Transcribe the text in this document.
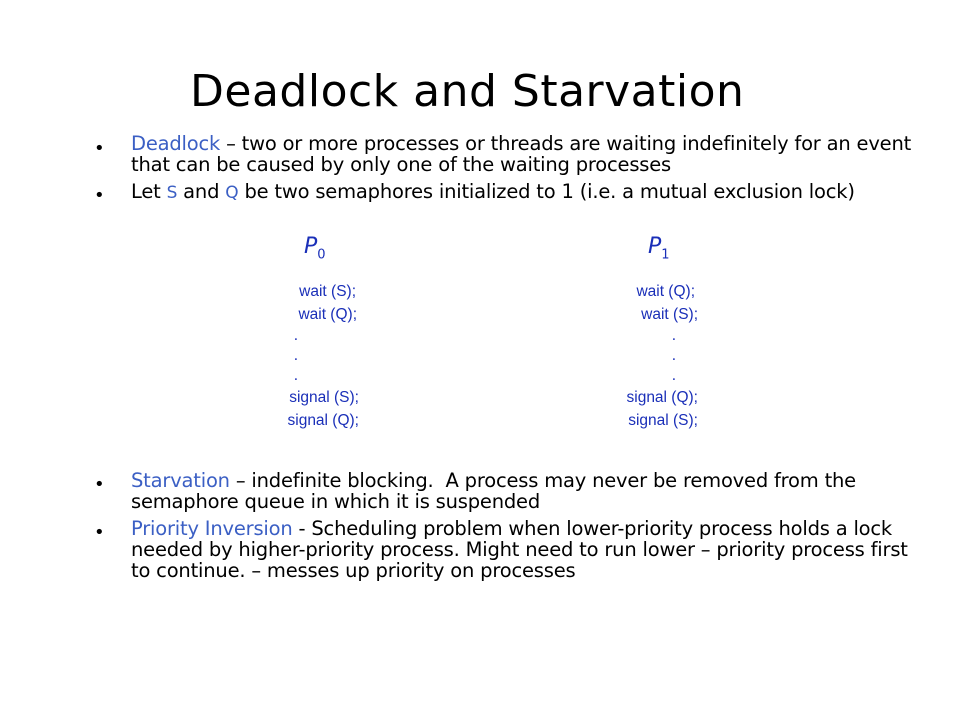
Deadlock and Starvation
• Deadlock – two or more processes or threads are waiting indefinitely for an event that can be caused by only one of the waiting processes
• Let S and Q be two semaphores initialized to 1 (i.e. a mutual exclusion lock)
$P_0$	$P_1$
wait (S);
wait (Q);
.
.
.
signal (S);
signal (Q);
wait (Q);
wait (S);
.
.
.
signal (Q);
signal (S);
• Starvation – indefinite blocking.  A process may never be removed from the semaphore queue in which it is suspended
• Priority Inversion - Scheduling problem when lower-priority process holds a lock needed by higher-priority process. Might need to run lower – priority process first to continue. – messes up priority on processes
